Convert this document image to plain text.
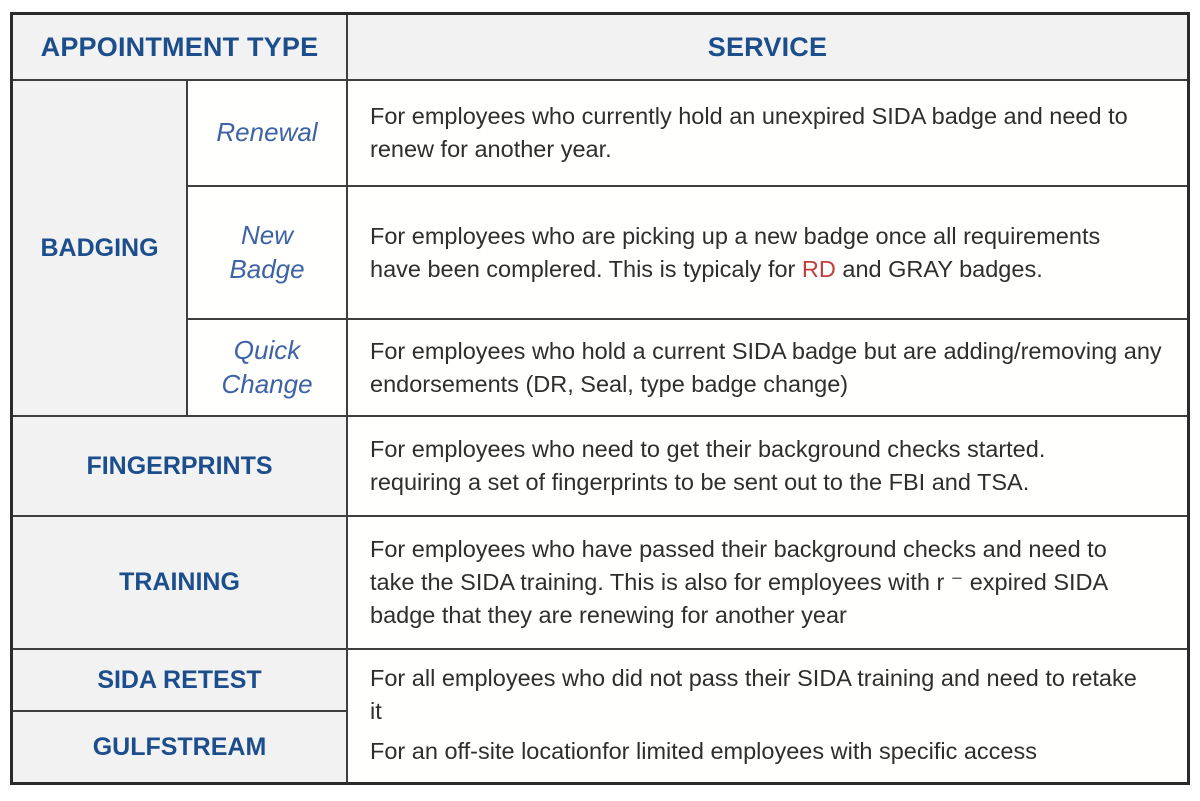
APPOINTMENT TYPE	SERVICE
BADGING
Renewal

For employees who currently hold an unexpired SIDA badge and need to renew for another year.

New Badge

For employees who are picking up a new badge once all requirements have been complered. This is typicaly for RD and GRAY badges.

Quick Change

For employees who hold a current SIDA badge but are adding/removing any endorsements (DR, Seal, type badge change)

FINGERPRINTS

For employees who need to get their background checks started. requiring a set of fingerprints to be sent out to the FBI and TSA.

TRAINING

For employees who have passed their background checks and need to take the SIDA training. This is also for employees with r ⁻ expired SIDA badge that they are renewing for another year

SIDA RETEST
GULFSTREAM

For all employees who did not pass their SIDA training and need to retake it

For an off-site locationfor limited employees with specific access
